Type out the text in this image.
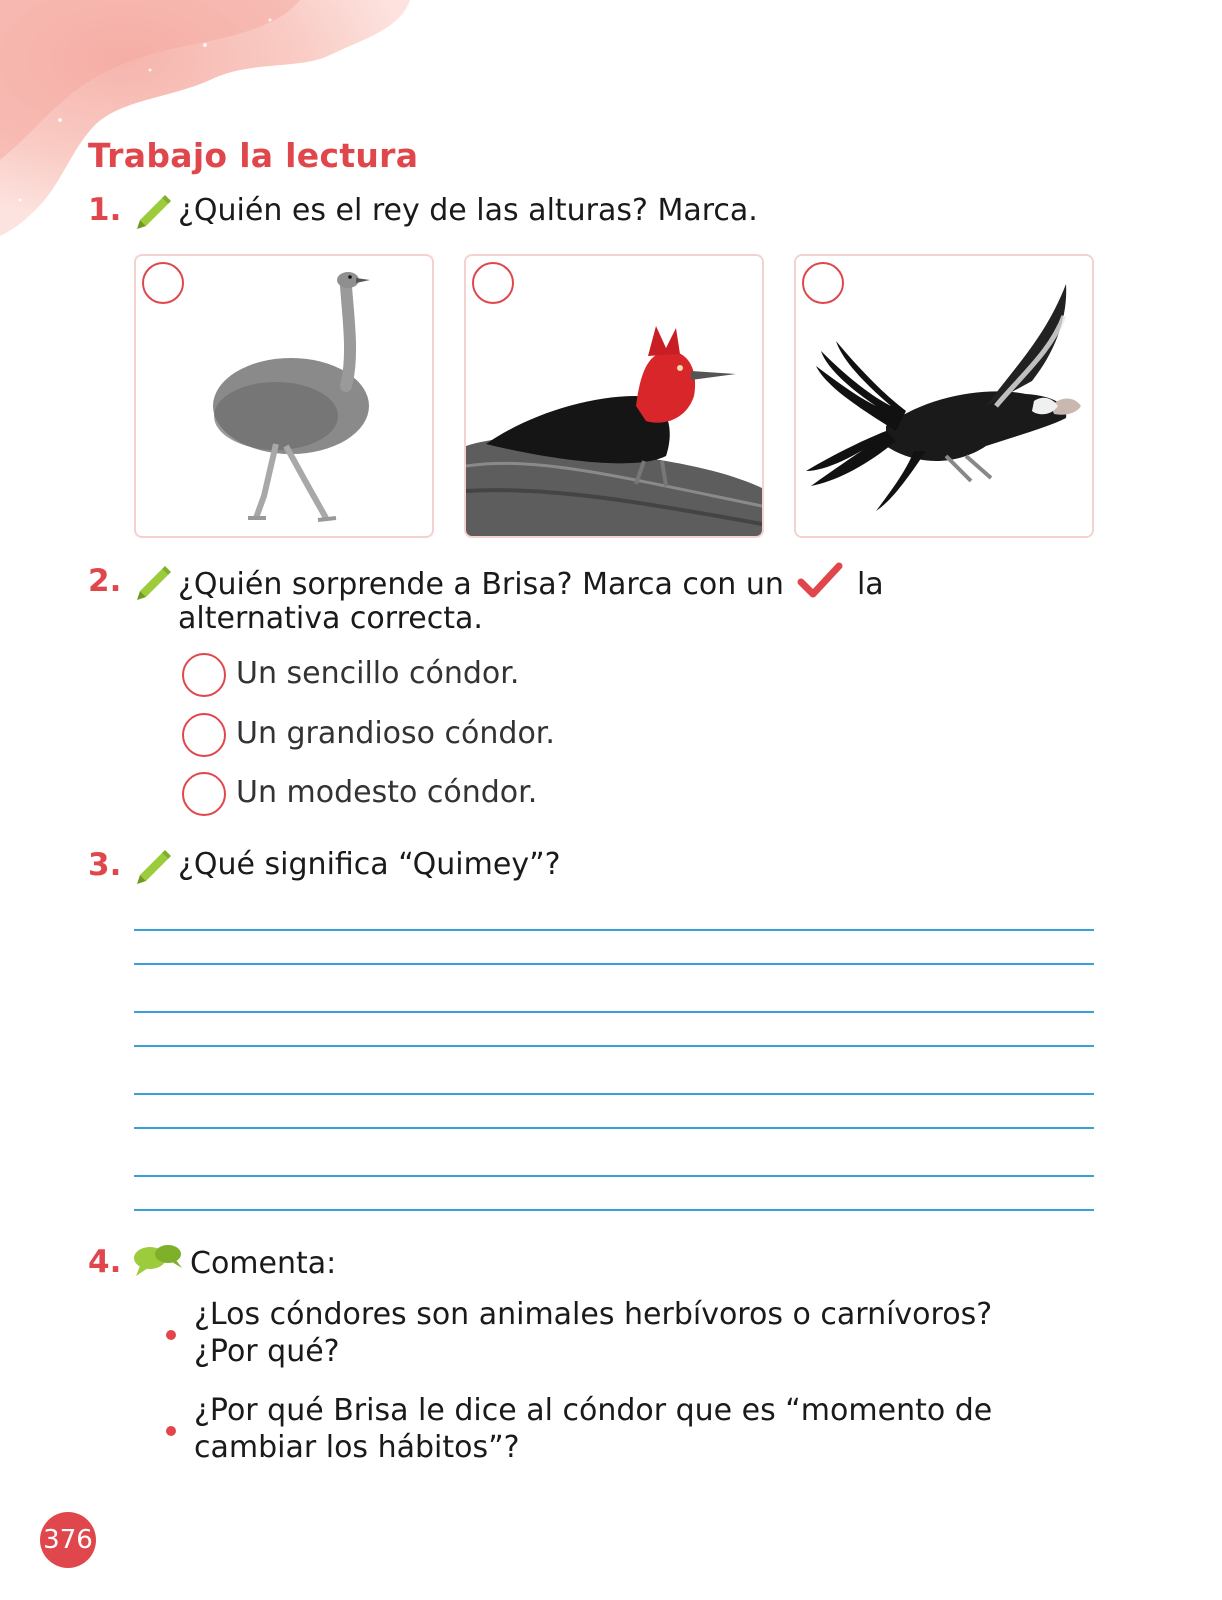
Trabajo la lectura
1. ¿Quién es el rey de las alturas? Marca.
2. ¿Quién sorprende a Brisa? Marca con un la
alternativa correcta.
Un sencillo cóndor.
Un grandioso cóndor.
Un modesto cóndor.
3. ¿Qué significa “Quimey”?
4. Comenta:
¿Los cóndores son animales herbívoros o carnívoros?
¿Por qué?
¿Por qué Brisa le dice al cóndor que es “momento de
cambiar los hábitos”?
376
